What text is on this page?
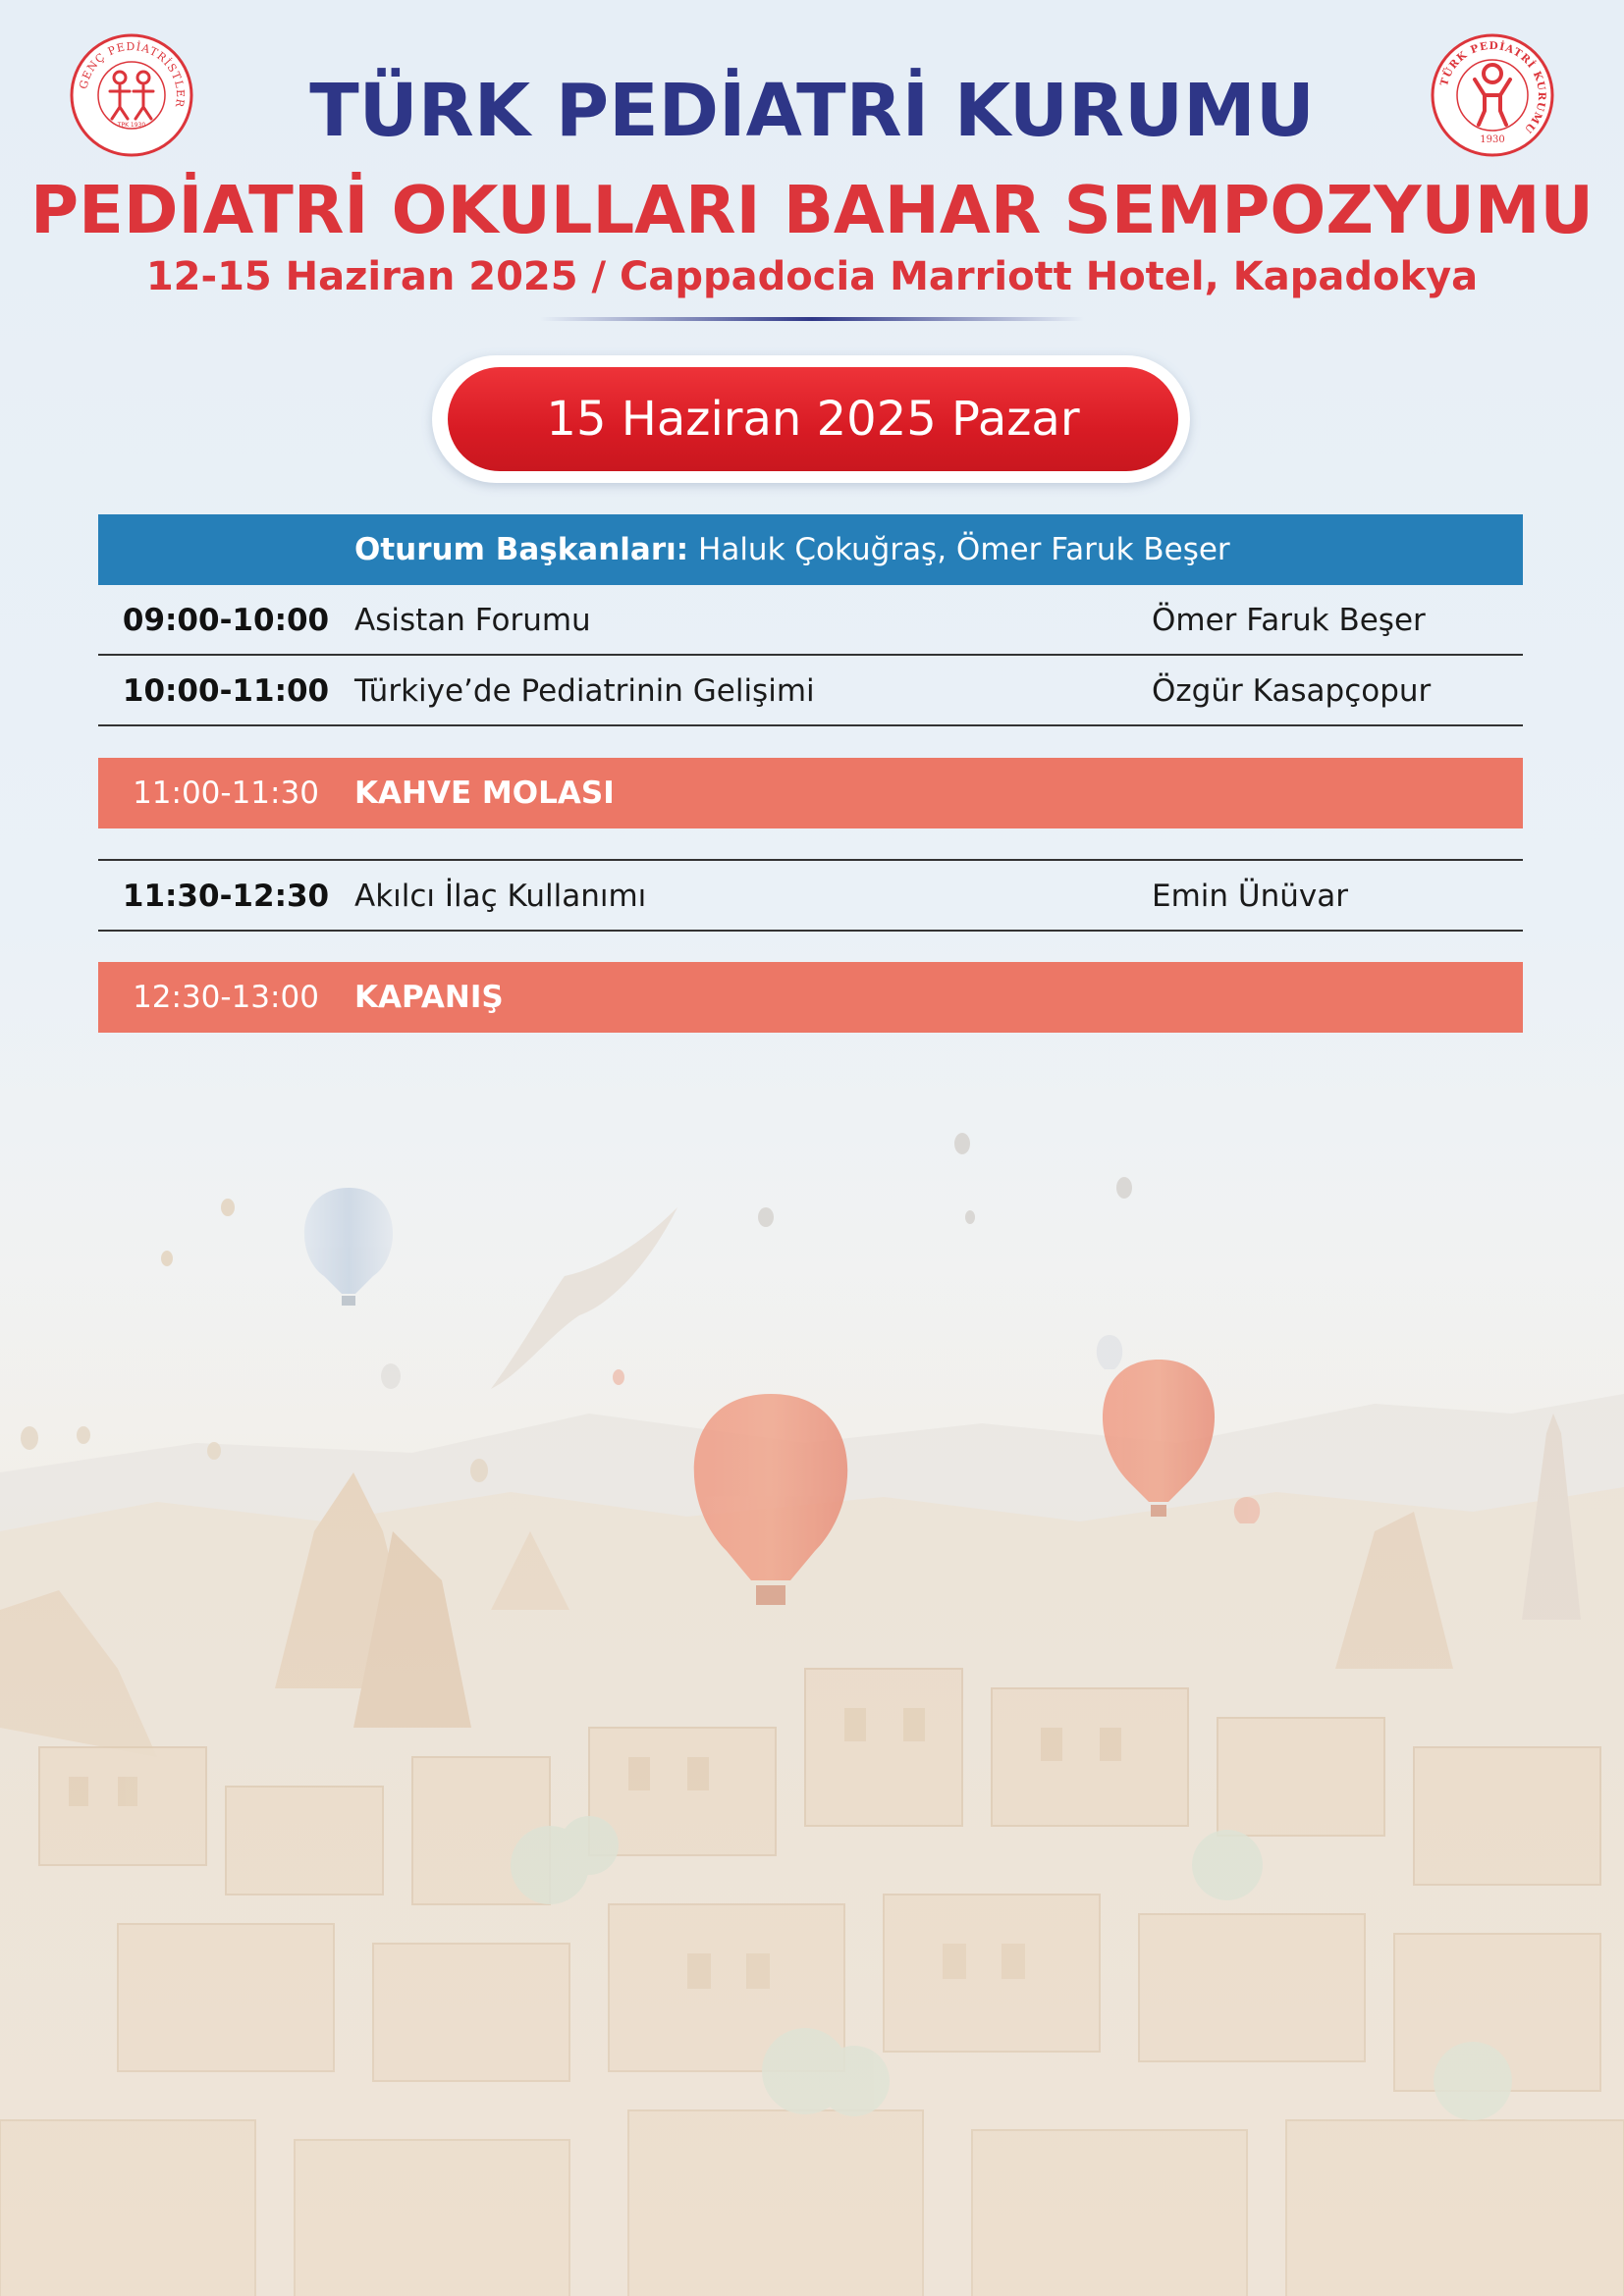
GENÇ PEDİATRİSTLER
TPK 1930
TÜRK PEDİATRİ KURUMU
1930
TÜRK PEDİATRİ KURUMU
PEDİATRİ OKULLARI BAHAR SEMPOZYUMU
12-15 Haziran 2025 / Cappadocia Marriott Hotel, Kapadokya
15 Haziran 2025 Pazar
Oturum Başkanları: Haluk Çokuğraş, Ömer Faruk Beşer
09:00-10:00 Asistan Forumu	Ömer Faruk Beşer
10:00-11:00 Türkiye’de Pediatrinin Gelişimi	Özgür Kasapçopur
11:00-11:30	KAHVE MOLASI
11:30-12:30 Akılcı İlaç Kullanımı	Emin Ünüvar
12:30-13:00	KAPANIŞ
